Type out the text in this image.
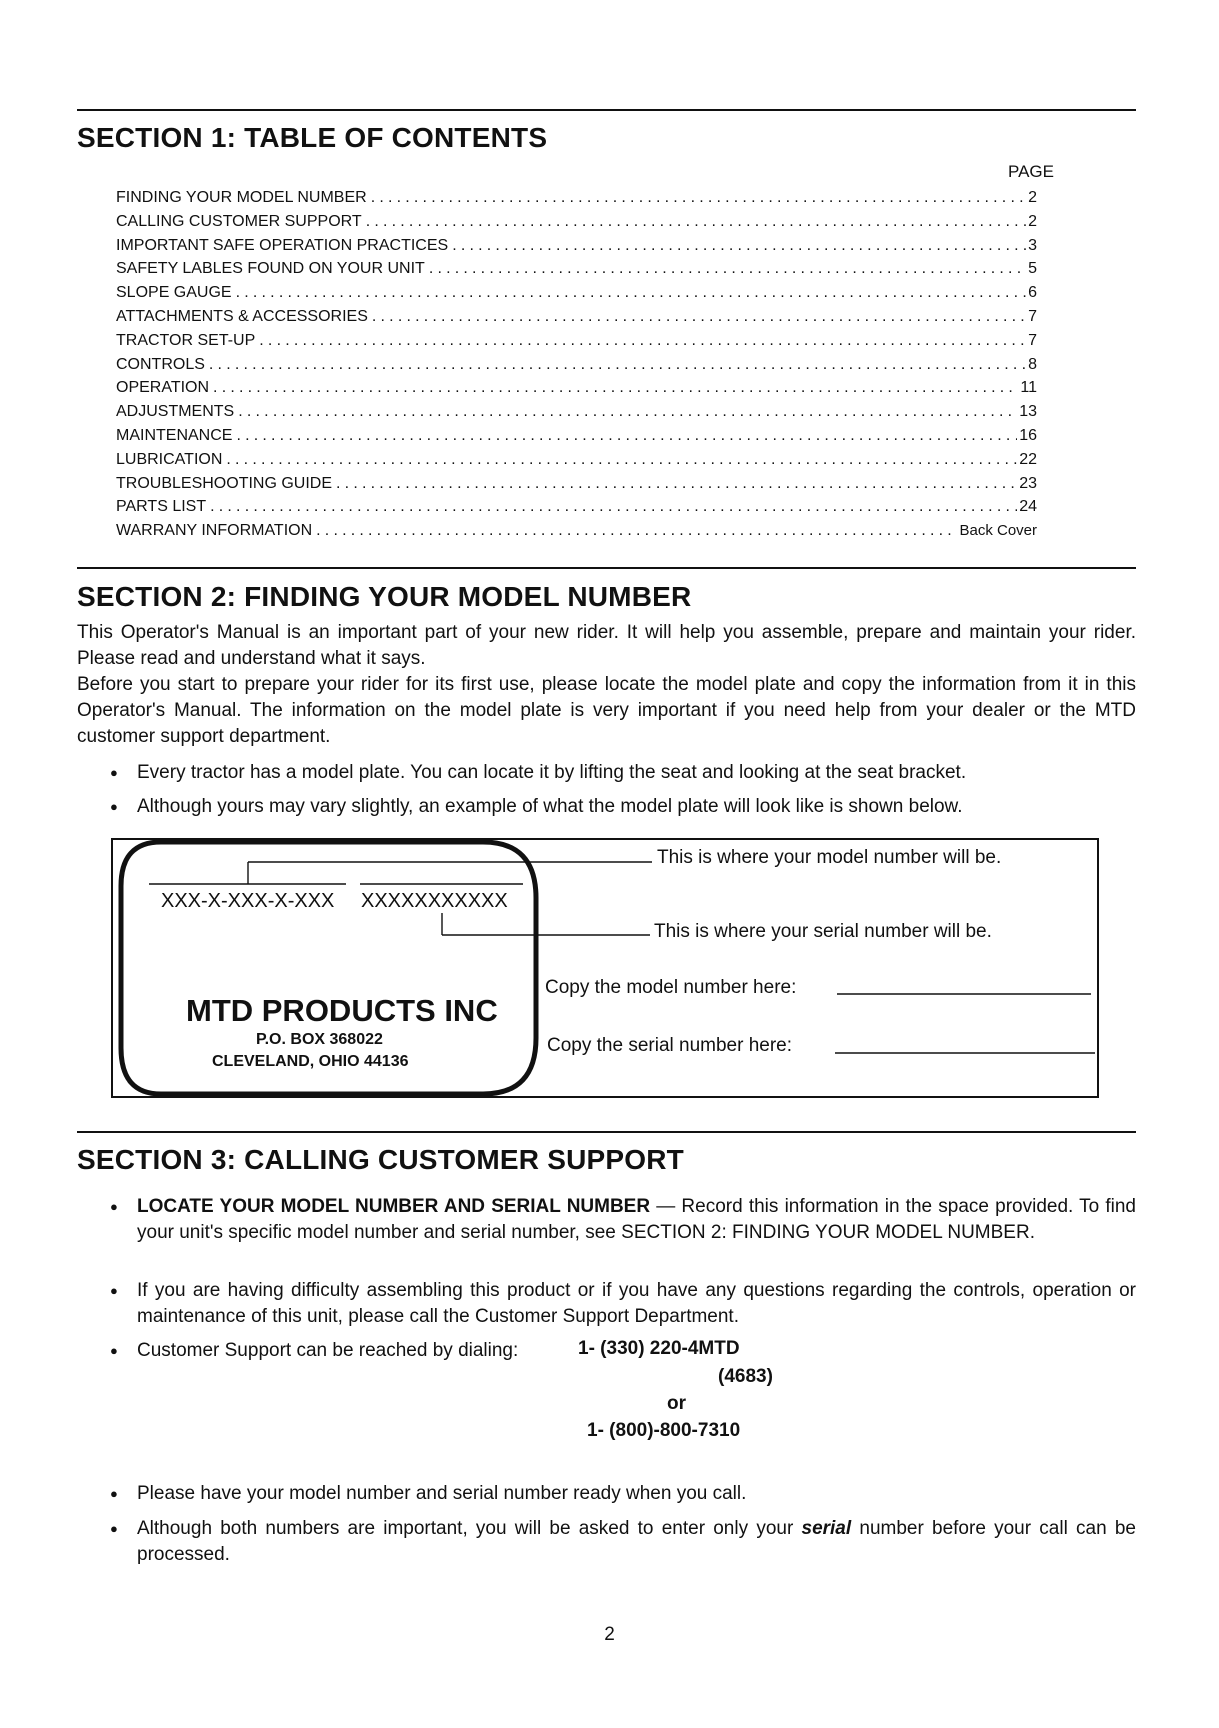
SECTION 1: TABLE OF CONTENTS
PAGE
FINDING YOUR MODEL NUMBER .....	2
CALLING CUSTOMER SUPPORT .....	2
IMPORTANT SAFE OPERATION PRACTICES .....	3
SAFETY LABLES FOUND ON YOUR UNIT .....	5
SLOPE GAUGE .....	6
ATTACHMENTS & ACCESSORIES .....	7
TRACTOR SET-UP .....	7
CONTROLS .....	8
OPERATION .....	11
ADJUSTMENTS .....	13
MAINTENANCE .....	16
LUBRICATION .....	22
TROUBLESHOOTING GUIDE .....	23
PARTS LIST .....	24
WARRANY INFORMATION .....	Back Cover
SECTION 2: FINDING YOUR MODEL NUMBER

This Operator's Manual is an important part of your new rider. It will help you assemble, prepare and maintain your rider. Please read and understand what it says.

Before you start to prepare your rider for its first use, please locate the model plate and copy the information from it in this Operator's Manual. The information on the model plate is very important if you need help from your dealer or the MTD customer support department.

● Every tractor has a model plate. You can locate it by lifting the seat and looking at the seat bracket.
● Although yours may vary slightly, an example of what the model plate will look like is shown below.
XXX-X-XXX-X-XXX XXXXXXXXXXX
MTD PRODUCTS INC
P.O. BOX 368022
CLEVELAND, OHIO 44136
This is where your model number will be.
This is where your serial number will be.
Copy the model number here:
Copy the serial number here:
SECTION 3: CALLING CUSTOMER SUPPORT
● LOCATE YOUR MODEL NUMBER AND SERIAL NUMBER — Record this information in the space provided. To find your unit's specific model number and serial number, see SECTION 2: FINDING YOUR MODEL NUMBER.
● If you are having difficulty assembling this product or if you have any questions regarding the controls, operation or maintenance of this unit, please call the Customer Support Department.
● Customer Support can be reached by dialing:	1- (330) 220-4MTD
(4683)
or
1- (800)-800-7310
● Please have your model number and serial number ready when you call.
● Although both numbers are important, you will be asked to enter only your serial number before your call can be processed.
2
